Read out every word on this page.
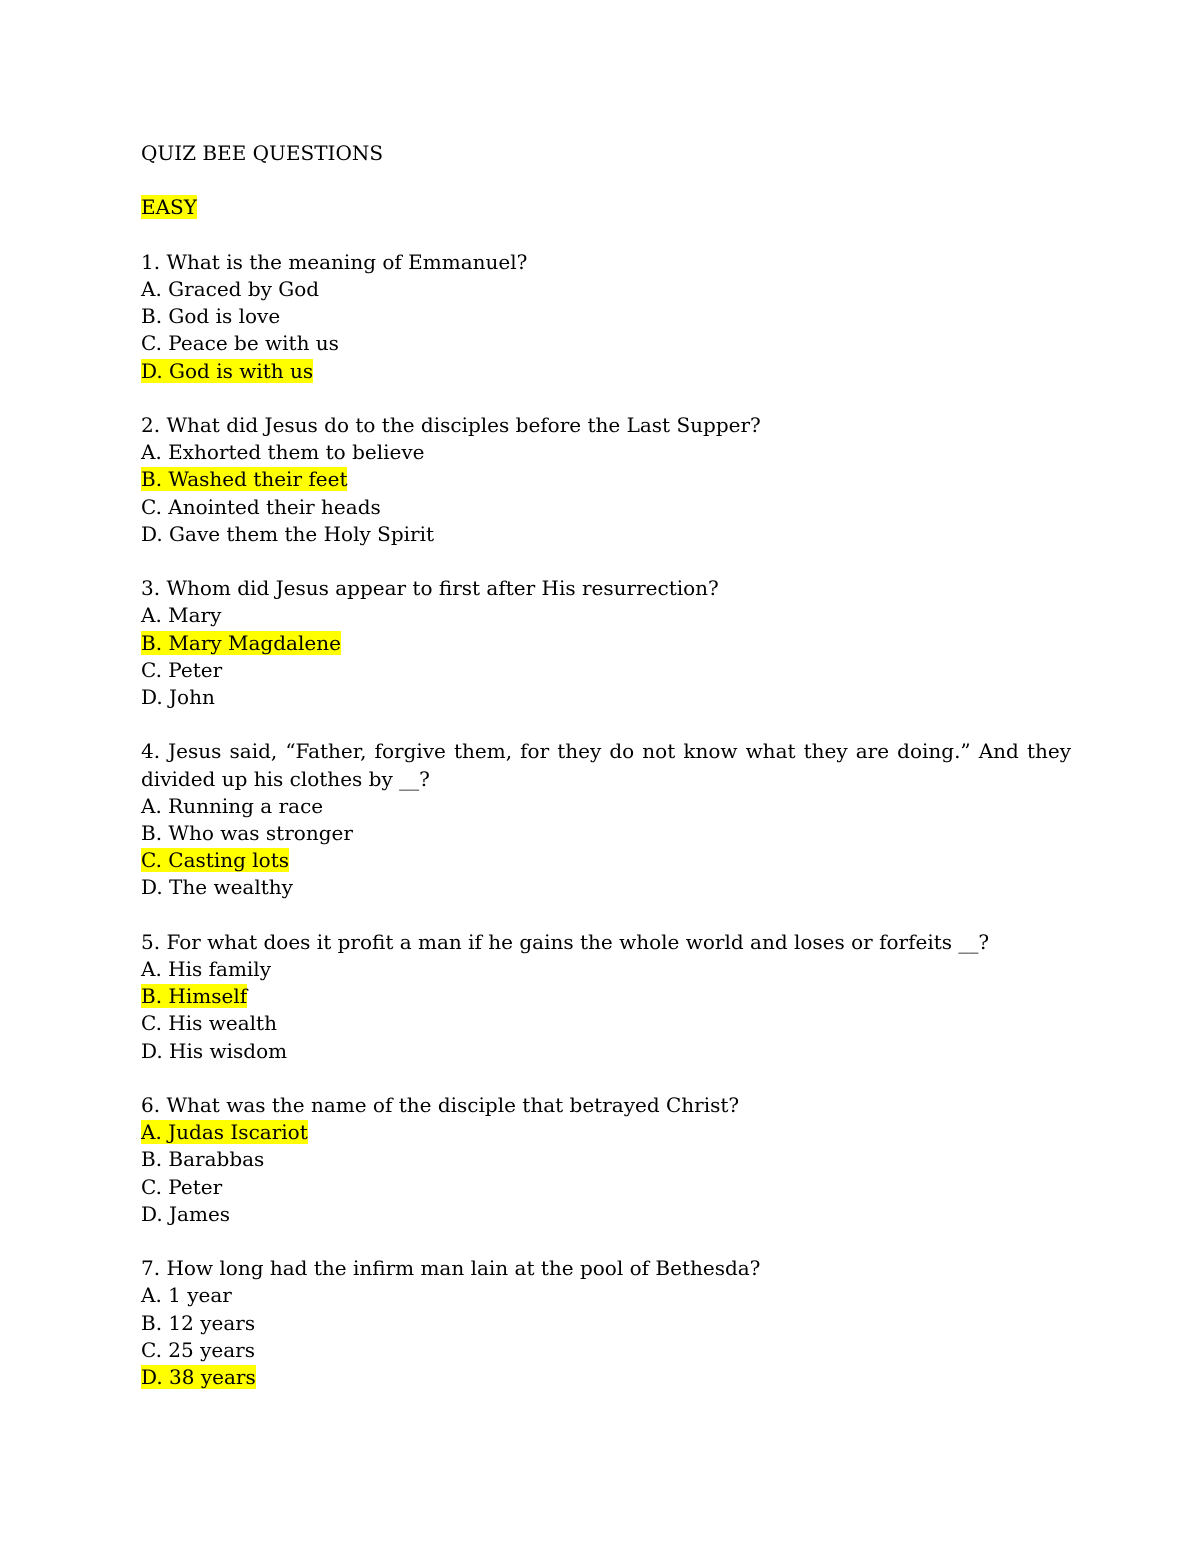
QUIZ BEE QUESTIONS
EASY
1. What is the meaning of Emmanuel?
A. Graced by God
B. God is love
C. Peace be with us
D. God is with us
2. What did Jesus do to the disciples before the Last Supper?
A. Exhorted them to believe
B. Washed their feet
C. Anointed their heads
D. Gave them the Holy Spirit
3. Whom did Jesus appear to first after His resurrection?
A. Mary
B. Mary Magdalene
C. Peter
D. John
4. Jesus said, “Father, forgive them, for they do not know what they are doing.” And they divided up his clothes by __?
A. Running a race
B. Who was stronger
C. Casting lots
D. The wealthy
5. For what does it profit a man if he gains the whole world and loses or forfeits __?
A. His family
B. Himself
C. His wealth
D. His wisdom
6. What was the name of the disciple that betrayed Christ?
A. Judas Iscariot
B. Barabbas
C. Peter
D. James
7. How long had the infirm man lain at the pool of Bethesda?
A. 1 year
B. 12 years
C. 25 years
D. 38 years
